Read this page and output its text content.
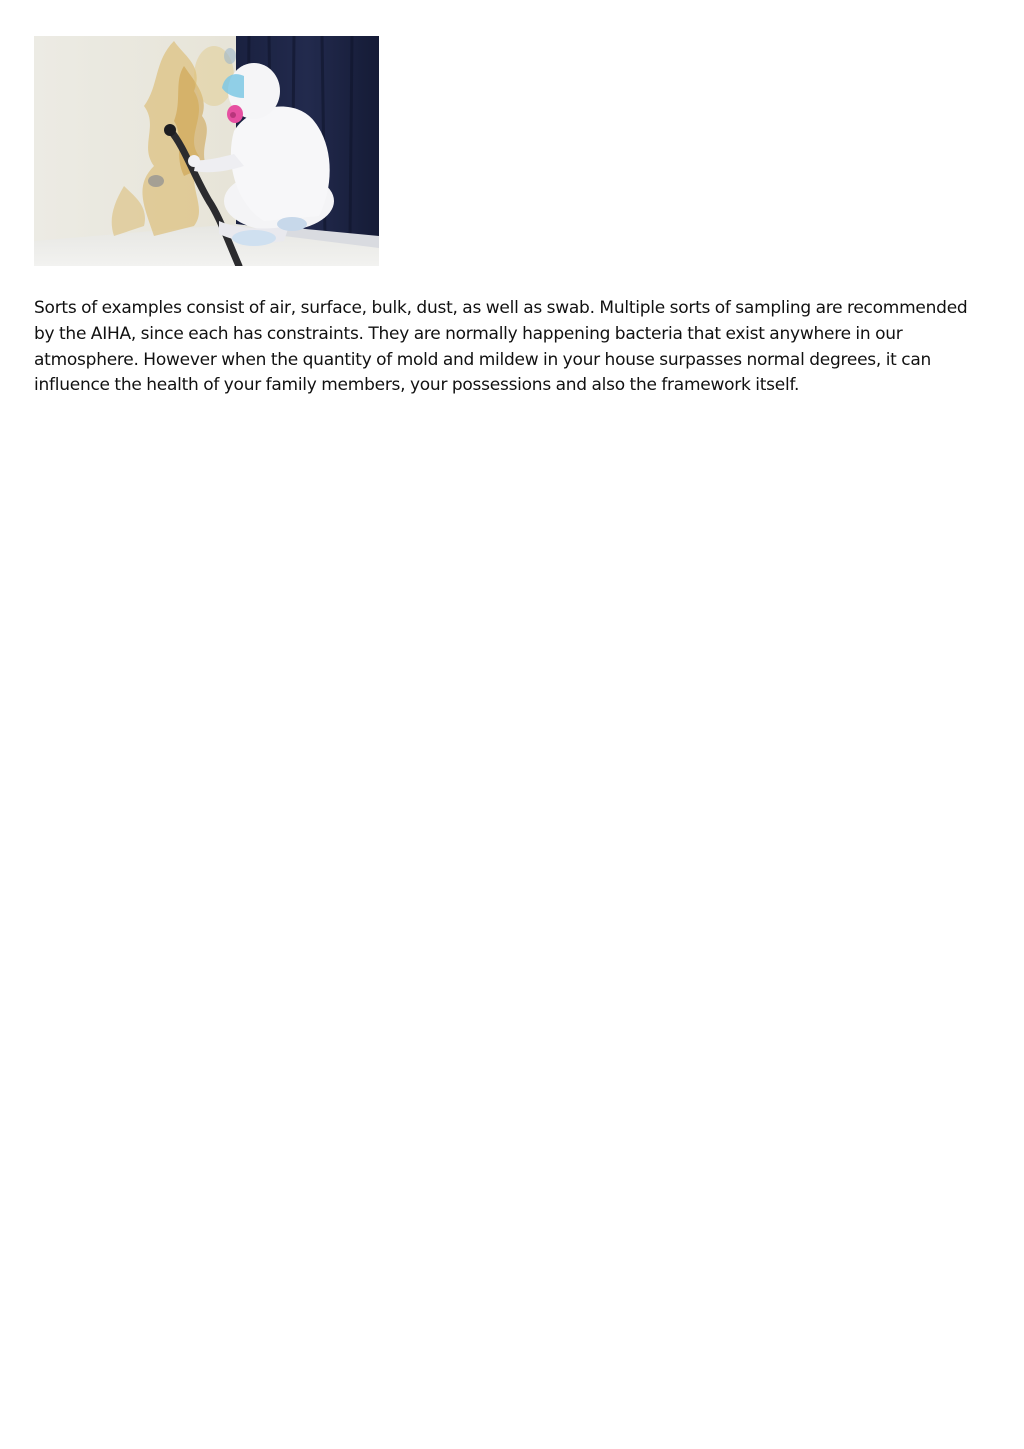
Sorts of examples consist of air, surface, bulk, dust, as well as swab. Multiple sorts of sampling are recommended by the AIHA, since each has constraints. They are normally happening bacteria that exist anywhere in our atmosphere. However when the quantity of mold and mildew in your house surpasses normal degrees, it can influence the health of your family members, your possessions and also the framework itself.
